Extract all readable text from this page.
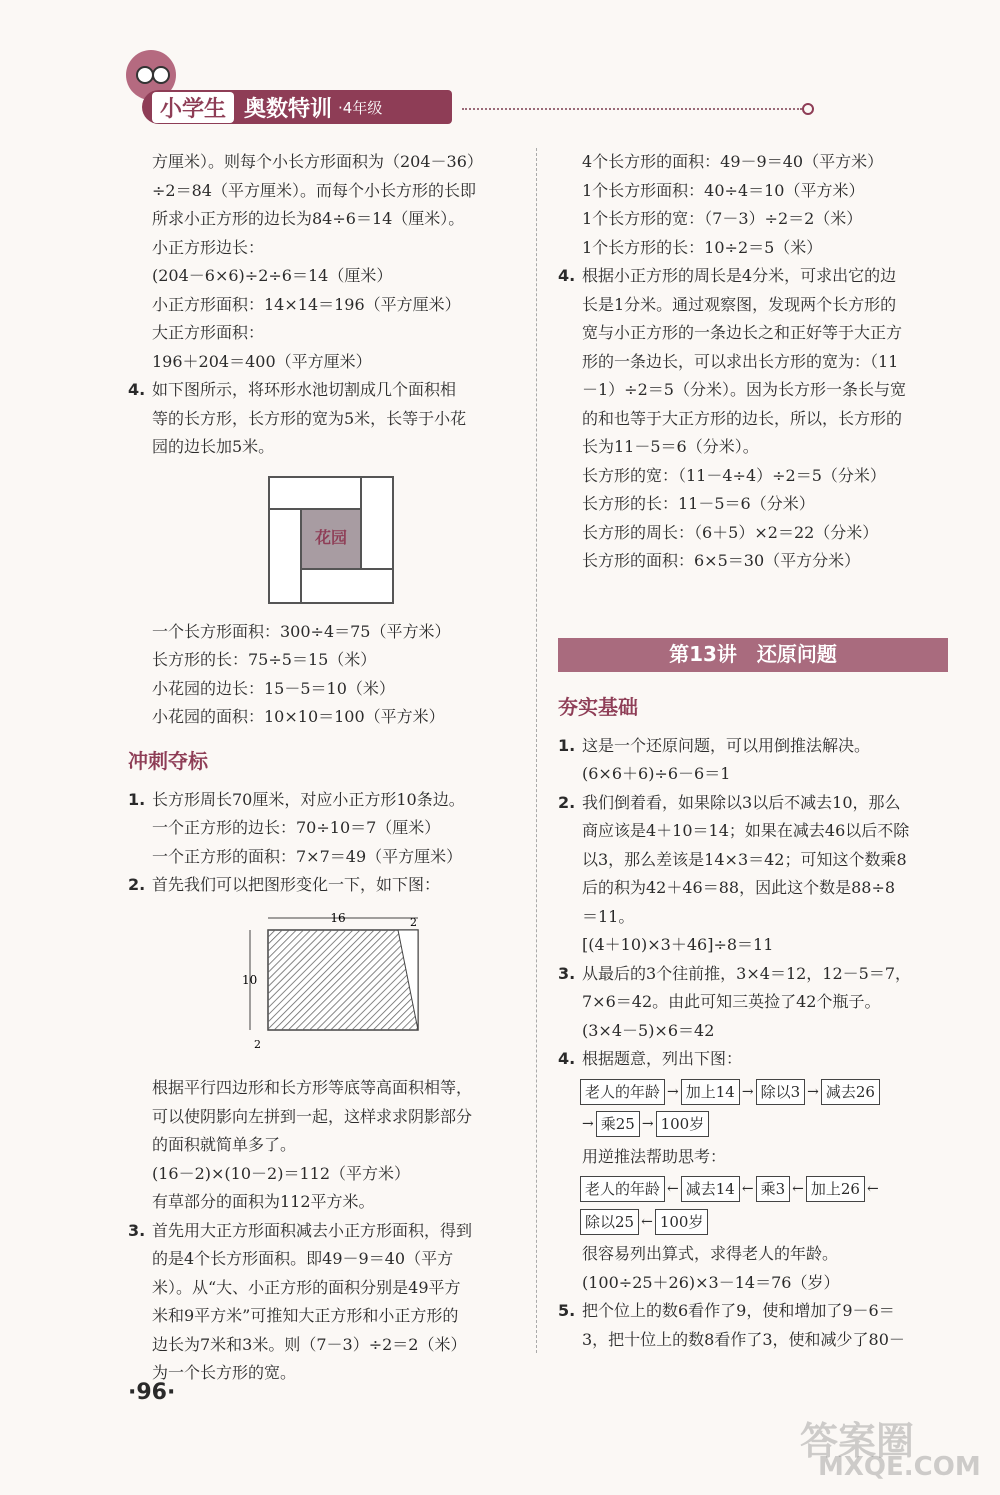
小学生 奥数特训 ·4年级

方厘米）。则每个小长方形面积为（204－36）

÷2＝84（平方厘米）。而每个小长方形的长即

所求小正方形的边长为84÷6＝14（厘米）。

小正方形边长：

(204－6×6)÷2÷6＝14（厘米）

小正方形面积：14×14＝196（平方厘米）

大正方形面积：

196＋204＝400（平方厘米）

4. 如下图所示，将环形水池切割成几个面积相

等的长方形，长方形的宽为5米，长等于小花

园的边长加5米。

花园

一个长方形面积：300÷4＝75（平方米）

长方形的长：75÷5＝15（米）

小花园的边长：15－5＝10（米）

小花园的面积：10×10＝100（平方米）

冲刺夺标
1. 长方形周长70厘米，对应小正方形10条边。

一个正方形的边长：70÷10＝7（厘米）

一个正方形的面积：7×7＝49（平方厘米）

2. 首先我们可以把图形变化一下，如下图：

16	2
10
2

根据平行四边形和长方形等底等高面积相等，

可以使阴影向左拼到一起，这样求求阴影部分

的面积就简单多了。

(16－2)×(10－2)＝112（平方米）

有草部分的面积为112平方米。

3. 首先用大正方形面积减去小正方形面积，得到

的是4个长方形面积。即49－9＝40（平方

米）。从“大、小正方形的面积分别是49平方

米和9平方米”可推知大正方形和小正方形的

边长为7米和3米。则（7－3）÷2＝2（米）

为一个长方形的宽。

4个长方形的面积：49－9＝40（平方米）

1个长方形面积：40÷4＝10（平方米）

1个长方形的宽：（7－3）÷2＝2（米）

1个长方形的长：10÷2＝5（米）

4. 根据小正方形的周长是4分米，可求出它的边

长是1分米。通过观察图，发现两个长方形的

宽与小正方形的一条边长之和正好等于大正方

形的一条边长，可以求出长方形的宽为：（11

－1）÷2＝5（分米）。因为长方形一条长与宽

的和也等于大正方形的边长，所以，长方形的

长为11－5＝6（分米）。

长方形的宽：（11－4÷4）÷2＝5（分米）

长方形的长：11－5＝6（分米）

长方形的周长：（6＋5）×2＝22（分米）

长方形的面积：6×5＝30（平方分米）

第13讲　还原问题
夯实基础
1. 这是一个还原问题，可以用倒推法解决。

(6×6＋6)÷6－6＝1

2. 我们倒着看，如果除以3以后不减去10，那么

商应该是4＋10＝14；如果在减去46以后不除

以3，那么差该是14×3＝42；可知这个数乘8

后的积为42＋46＝88，因此这个数是88÷8

＝11。

[(4＋10)×3＋46]÷8＝11

3. 从最后的3个往前推，3×4＝12，12－5＝7，

7×6＝42。由此可知三英捡了42个瓶子。

(3×4－5)×6＝42

4. 根据题意，列出下图：

老人的年龄 → 加上14 → 除以3 → 减去26
→ 乘25 → 100岁

用逆推法帮助思考：

老人的年龄 ← 减去14 ← 乘3 ← 加上26 ←
除以25 ← 100岁

很容易列出算式，求得老人的年龄。

(100÷25＋26)×3－14＝76（岁）

5. 把个位上的数6看作了9，使和增加了9－6＝

3，把十位上的数8看作了3，使和减少了80－

·96·
答案圈
MXQE.COM
